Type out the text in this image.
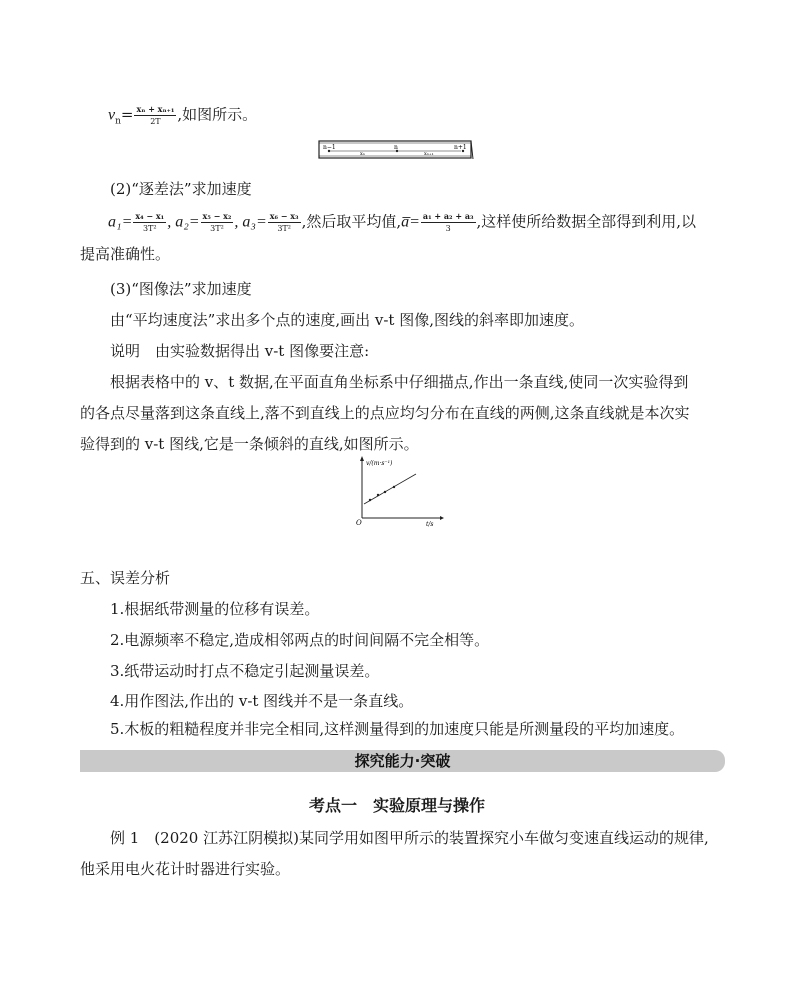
$v_n= \frac{\text{xₙ + xₙ₊₁}}{2T}$ ,如图所示。
n−1
xₙ
n
xₙ₊₁
n+1
(2)“逐差法”求加速度
$a_1= \frac{\text{x₄ − x₁}}{\text{3T²}}$ , $a_2= \frac{\text{x₅ − x₂}}{\text{3T²}}$ , $a_3= \frac{\text{x₆ − x₃}}{\text{3T²}}$ ,然后取平均值,a̅= $\frac{\text{a₁ + a₂ + a₃}}{3}$ ,这样使所给数据全部得到利用,以
提高准确性。
(3)“图像法”求加速度
由“平均速度法”求出多个点的速度,画出 v-t 图像,图线的斜率即加速度。
说明　由实验数据得出 v-t 图像要注意:
根据表格中的 v、t 数据,在平面直角坐标系中仔细描点,作出一条直线,使同一次实验得到
的各点尽量落到这条直线上,落不到直线上的点应均匀分布在直线的两侧,这条直线就是本次实
验得到的 v-t 图线,它是一条倾斜的直线,如图所示。
v/(m·s⁻¹)
t/s
O
五、误差分析
1.根据纸带测量的位移有误差。
2.电源频率不稳定,造成相邻两点的时间间隔不完全相等。
3.纸带运动时打点不稳定引起测量误差。
4.用作图法,作出的 v-t 图线并不是一条直线。
5.木板的粗糙程度并非完全相同,这样测量得到的加速度只能是所测量段的平均加速度。
探究能力·突破
考点一　实验原理与操作
例 1　(2020 江苏江阴模拟)某同学用如图甲所示的装置探究小车做匀变速直线运动的规律,
他采用电火花计时器进行实验。
